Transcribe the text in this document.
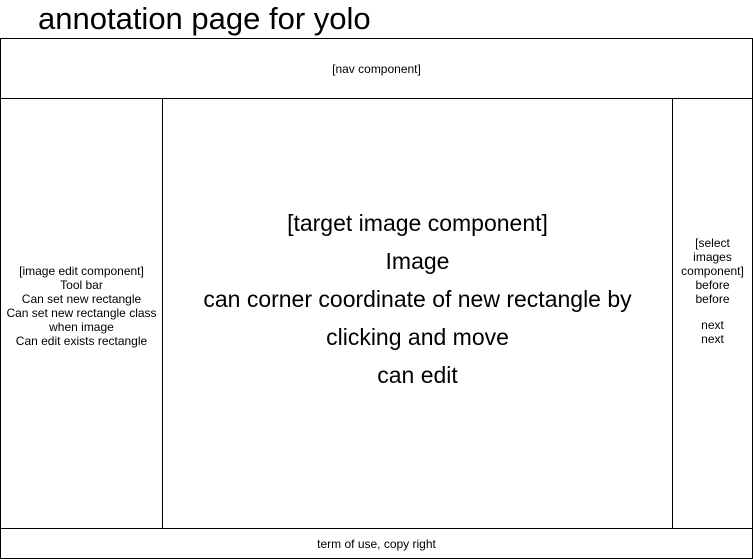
annotation page for yolo
[nav component]
[image edit component]
Tool bar
Can set new rectangle
Can set new rectangle class
when image
Can edit exists rectangle
[target image component]
Image
can corner coordinate of new rectangle by
clicking and move
can edit
[select
images
component]
before
before
next
next
term of use, copy right
